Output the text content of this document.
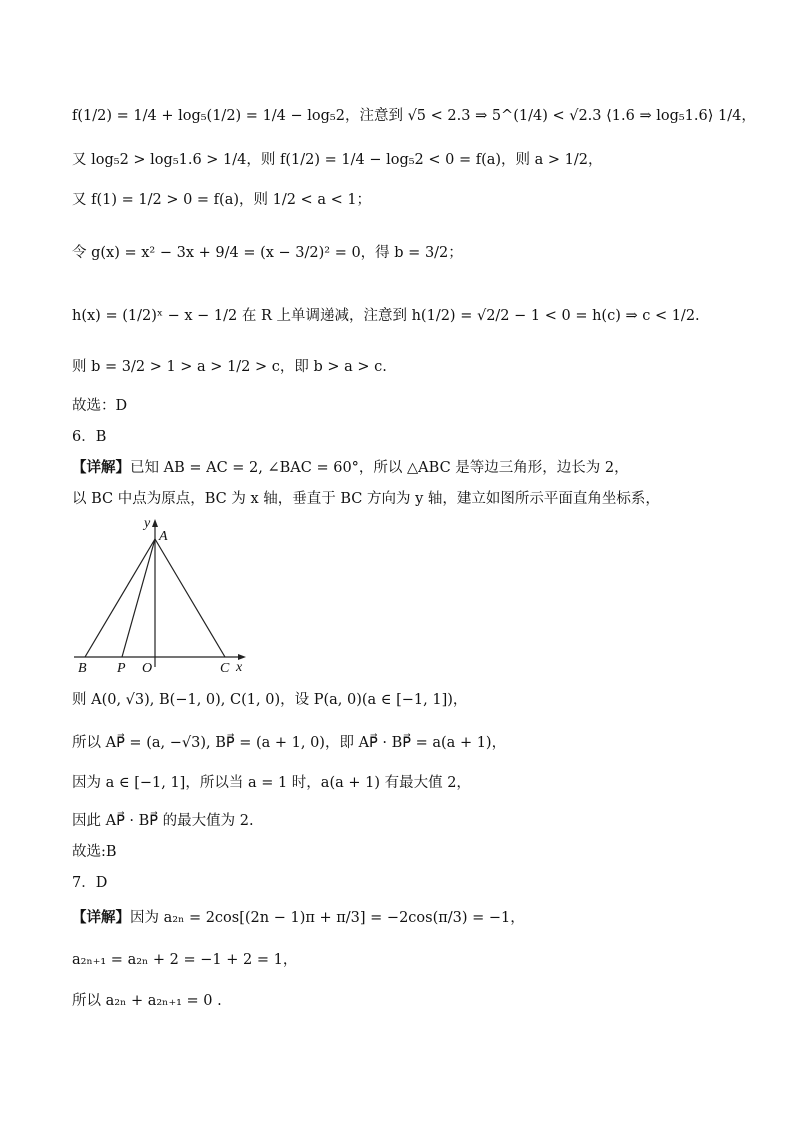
f(1/2) = 1/4 + log₅(1/2) = 1/4 − log₅2，注意到 √5 < 2.3 ⇒ 5^(1/4) < √2.3 ⟨1.6 ⇒ log₅1.6⟩ 1/4，
又 log₅2 > log₅1.6 > 1/4，则 f(1/2) = 1/4 − log₅2 < 0 = f(a)，则 a > 1/2，
又 f(1) = 1/2 > 0 = f(a)，则 1/2 < a < 1；
令 g(x) = x² − 3x + 9/4 = (x − 3/2)² = 0，得 b = 3/2；
h(x) = (1/2)ˣ − x − 1/2 在 R 上单调递减，注意到 h(1/2) = √2/2 − 1 < 0 = h(c) ⇒ c < 1/2.
则 b = 3/2 > 1 > a > 1/2 > c，即 b > a > c.
故选：D
6．B
【详解】已知 AB = AC = 2, ∠BAC = 60°，所以 △ABC 是等边三角形，边长为 2，
以 BC 中点为原点，BC 为 x 轴，垂直于 BC 方向为 y 轴，建立如图所示平面直角坐标系，
y
A
B P O	C x
则 A(0, √3), B(−1, 0), C(1, 0)，设 P(a, 0)(a ∈ [−1, 1])，
所以 AP⃗ = (a, −√3), BP⃗ = (a + 1, 0)，即 AP⃗ · BP⃗ = a(a + 1)，
因为 a ∈ [−1, 1]，所以当 a = 1 时，a(a + 1) 有最大值 2，
因此 AP⃗ · BP⃗ 的最大值为 2.
故选:B
7．D
【详解】因为 a₂ₙ = 2cos[(2n − 1)π + π/3] = −2cos(π/3) = −1，
a₂ₙ₊₁ = a₂ₙ + 2 = −1 + 2 = 1，
所以 a₂ₙ + a₂ₙ₊₁ = 0 .
